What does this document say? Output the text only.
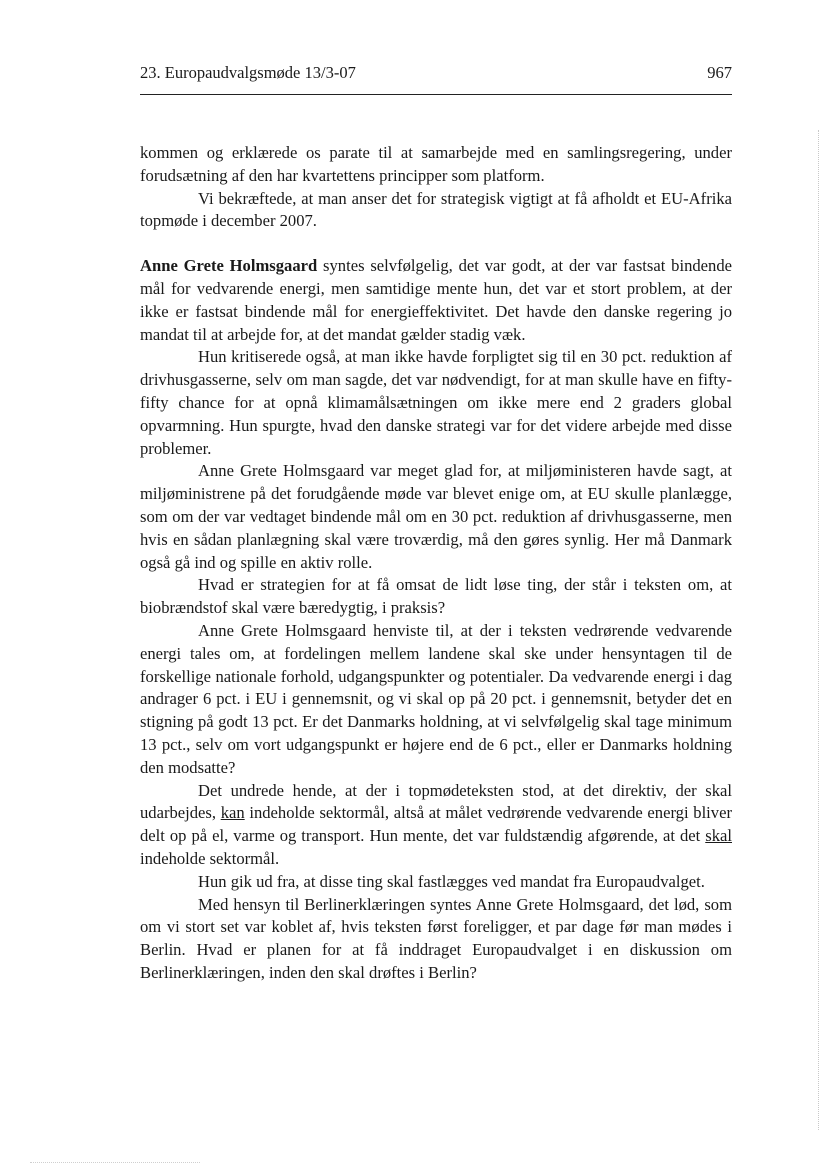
23. Europaudvalgsmøde 13/3-07	967

kommen og erklærede os parate til at samarbejde med en samlingsregering, under forudsætning af den har kvartettens principper som platform.

Vi bekræftede, at man anser det for strategisk vigtigt at få afholdt et EU-Afrika topmøde i december 2007.

Anne Grete Holmsgaard syntes selvfølgelig, det var godt, at der var fastsat bindende mål for vedvarende energi, men samtidige mente hun, det var et stort problem, at der ikke er fastsat bindende mål for energieffektivitet. Det havde den danske regering jo mandat til at arbejde for, at det mandat gælder stadig væk.

Hun kritiserede også, at man ikke havde forpligtet sig til en 30 pct. reduktion af drivhusgasserne, selv om man sagde, det var nødvendigt, for at man skulle have en fifty-fifty chance for at opnå klimamålsætningen om ikke mere end 2 graders global opvarmning. Hun spurgte, hvad den danske strategi var for det videre arbejde med disse problemer.

Anne Grete Holmsgaard var meget glad for, at miljøministeren havde sagt, at miljøministrene på det forudgående møde var blevet enige om, at EU skulle planlægge, som om der var vedtaget bindende mål om en 30 pct. reduktion af drivhusgasserne, men hvis en sådan planlægning skal være troværdig, må den gøres synlig. Her må Danmark også gå ind og spille en aktiv rolle.

Hvad er strategien for at få omsat de lidt løse ting, der står i teksten om, at biobrændstof skal være bæredygtig, i praksis?

Anne Grete Holmsgaard henviste til, at der i teksten vedrørende vedvarende energi tales om, at fordelingen mellem landene skal ske under hensyntagen til de forskellige nationale forhold, udgangspunkter og potentialer. Da vedvarende energi i dag andrager 6 pct. i EU i gennemsnit, og vi skal op på 20 pct. i gennemsnit, betyder det en stigning på godt 13 pct. Er det Danmarks holdning, at vi selvfølgelig skal tage minimum 13 pct., selv om vort udgangspunkt er højere end de 6 pct., eller er Danmarks holdning den modsatte?

Det undrede hende, at der i topmødeteksten stod, at det direktiv, der skal udarbejdes, kan indeholde sektormål, altså at målet vedrørende vedvarende energi bliver delt op på el, varme og transport. Hun mente, det var fuldstændig afgørende, at det skal indeholde sektormål.

Hun gik ud fra, at disse ting skal fastlægges ved mandat fra Europaudvalget.

Med hensyn til Berlinerklæringen syntes Anne Grete Holmsgaard, det lød, som om vi stort set var koblet af, hvis teksten først foreligger, et par dage før man mødes i Berlin. Hvad er planen for at få inddraget Europaudvalget i en diskussion om Berlinerklæringen, inden den skal drøftes i Berlin?
